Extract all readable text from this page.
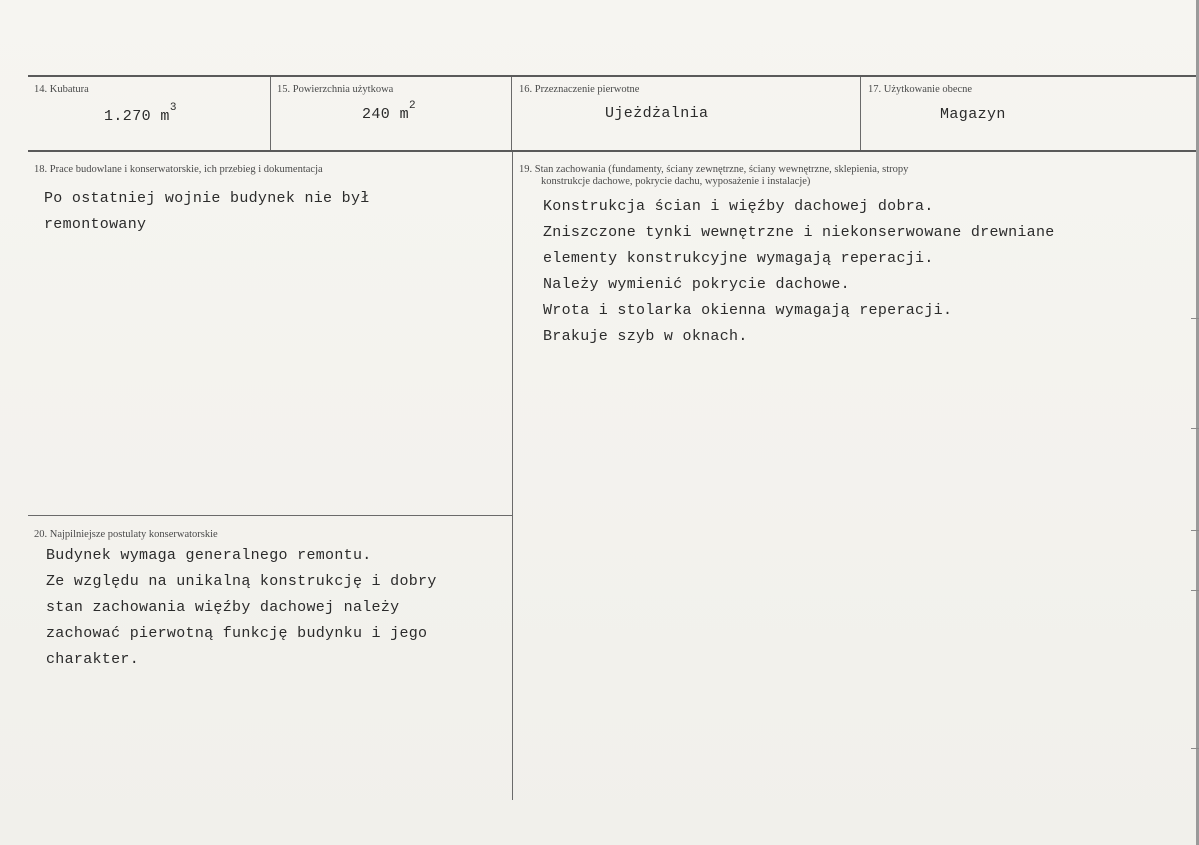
14. Kubatura
1.270 $m^3$
15. Powierzchnia użytkowa
240 $m^2$
16. Przeznaczenie pierwotne
Ujeżdżalnia
17. Użytkowanie obecne
Magazyn
18. Prace budowlane i konserwatorskie, ich przebieg i dokumentacja
Po ostatniej wojnie budynek nie był
remontowany
19. Stan zachowania (fundamenty, ściany zewnętrzne, ściany wewnętrzne, sklepienia, stropy
konstrukcje dachowe, pokrycie dachu, wyposażenie i instalacje)
Konstrukcja ścian i więźby dachowej dobra.
Zniszczone tynki wewnętrzne i niekonserwowane drewniane
elementy konstrukcyjne wymagają reperacji.
Należy wymienić pokrycie dachowe.
Wrota i stolarka okienna wymagają reperacji.
Brakuje szyb w oknach.
20. Najpilniejsze postulaty konserwatorskie
Budynek wymaga generalnego remontu.
Ze względu na unikalną konstrukcję i dobry
stan zachowania więźby dachowej należy
zachować pierwotną funkcję budynku i jego
charakter.
